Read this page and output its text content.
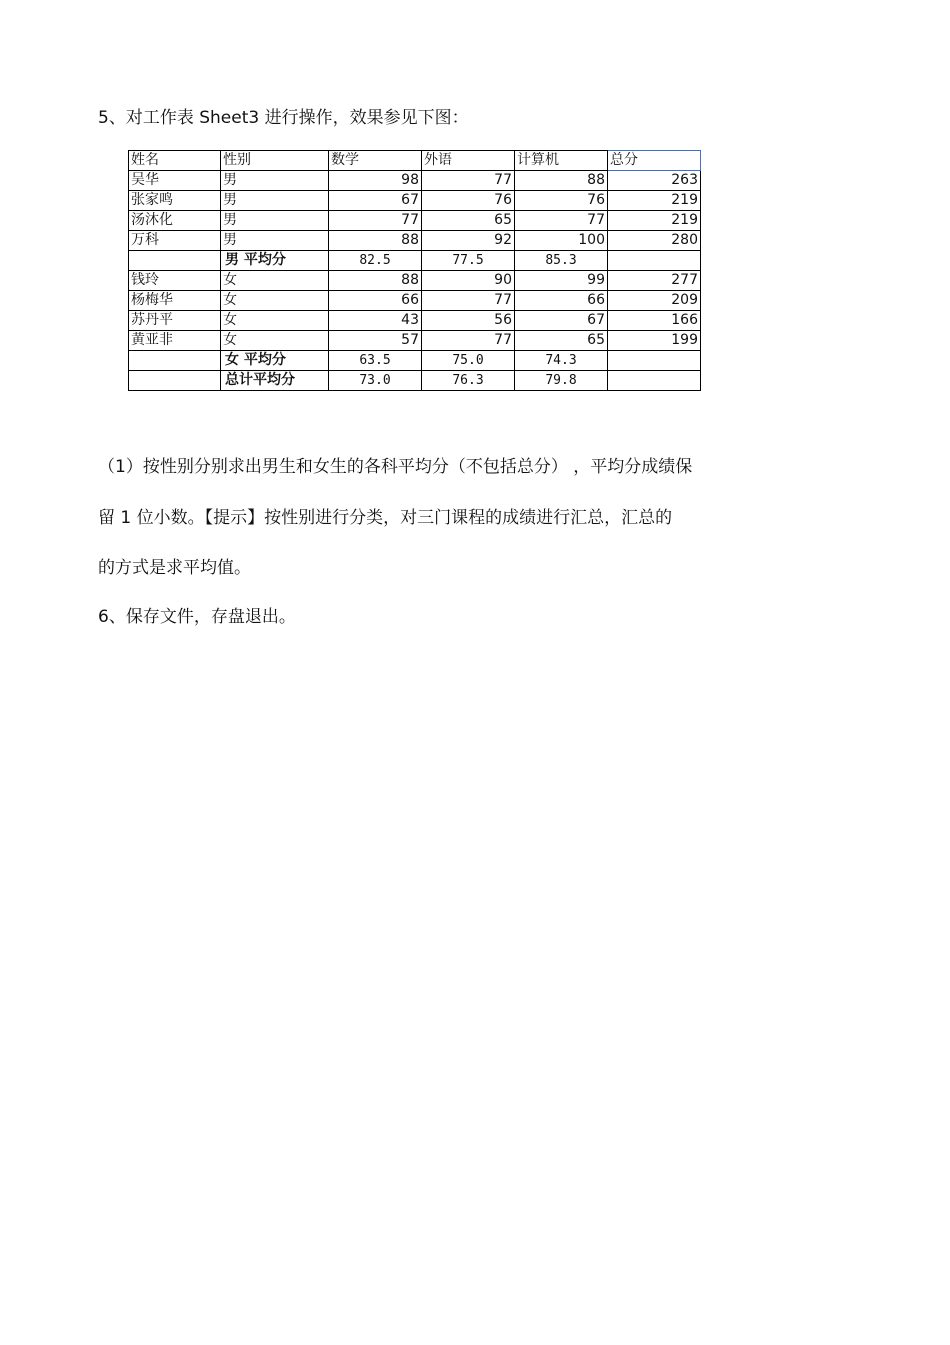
5、对工作表 Sheet3 进行操作，效果参见下图：
姓名	性别	数学	外语	计算机	总分
吴华	男	98	77	88	263
张家鸣	男	67	76	76	219
汤沐化	男	77	65	77	219
万科	男	88	92	100	280
	男 平均分	82.5	77.5	85.3	
钱玲	女	88	90	99	277
杨梅华	女	66	77	66	209
苏丹平	女	43	56	67	166
黄亚非	女	57	77	65	199
	女 平均分	63.5	75.0	74.3	
	总计平均分	73.0	76.3	79.8	
（1）按性别分别求出男生和女生的各科平均分（不包括总分） ，平均分成绩保
留 1 位小数。【提示】按性别进行分类，对三门课程的成绩进行汇总，汇总的
的方式是求平均值。
6、保存文件，存盘退出。
